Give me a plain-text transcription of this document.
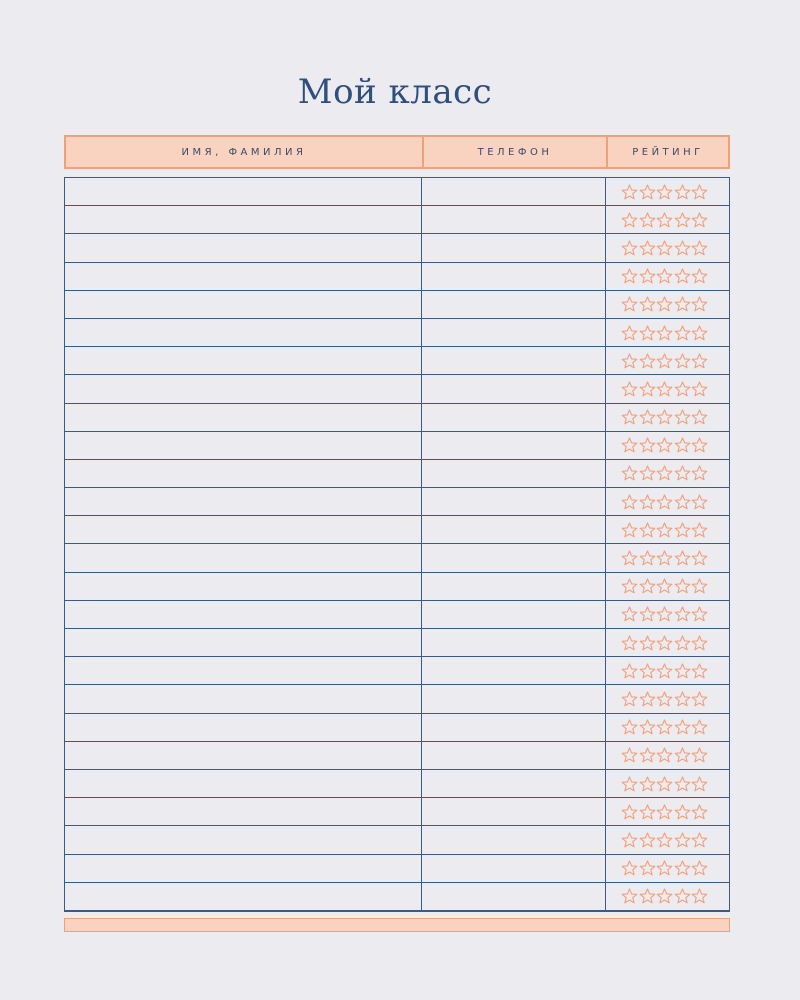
Мой класс
ИМЯ, ФАМИЛИЯ	ТЕЛЕФОН	РЕЙТИНГ
